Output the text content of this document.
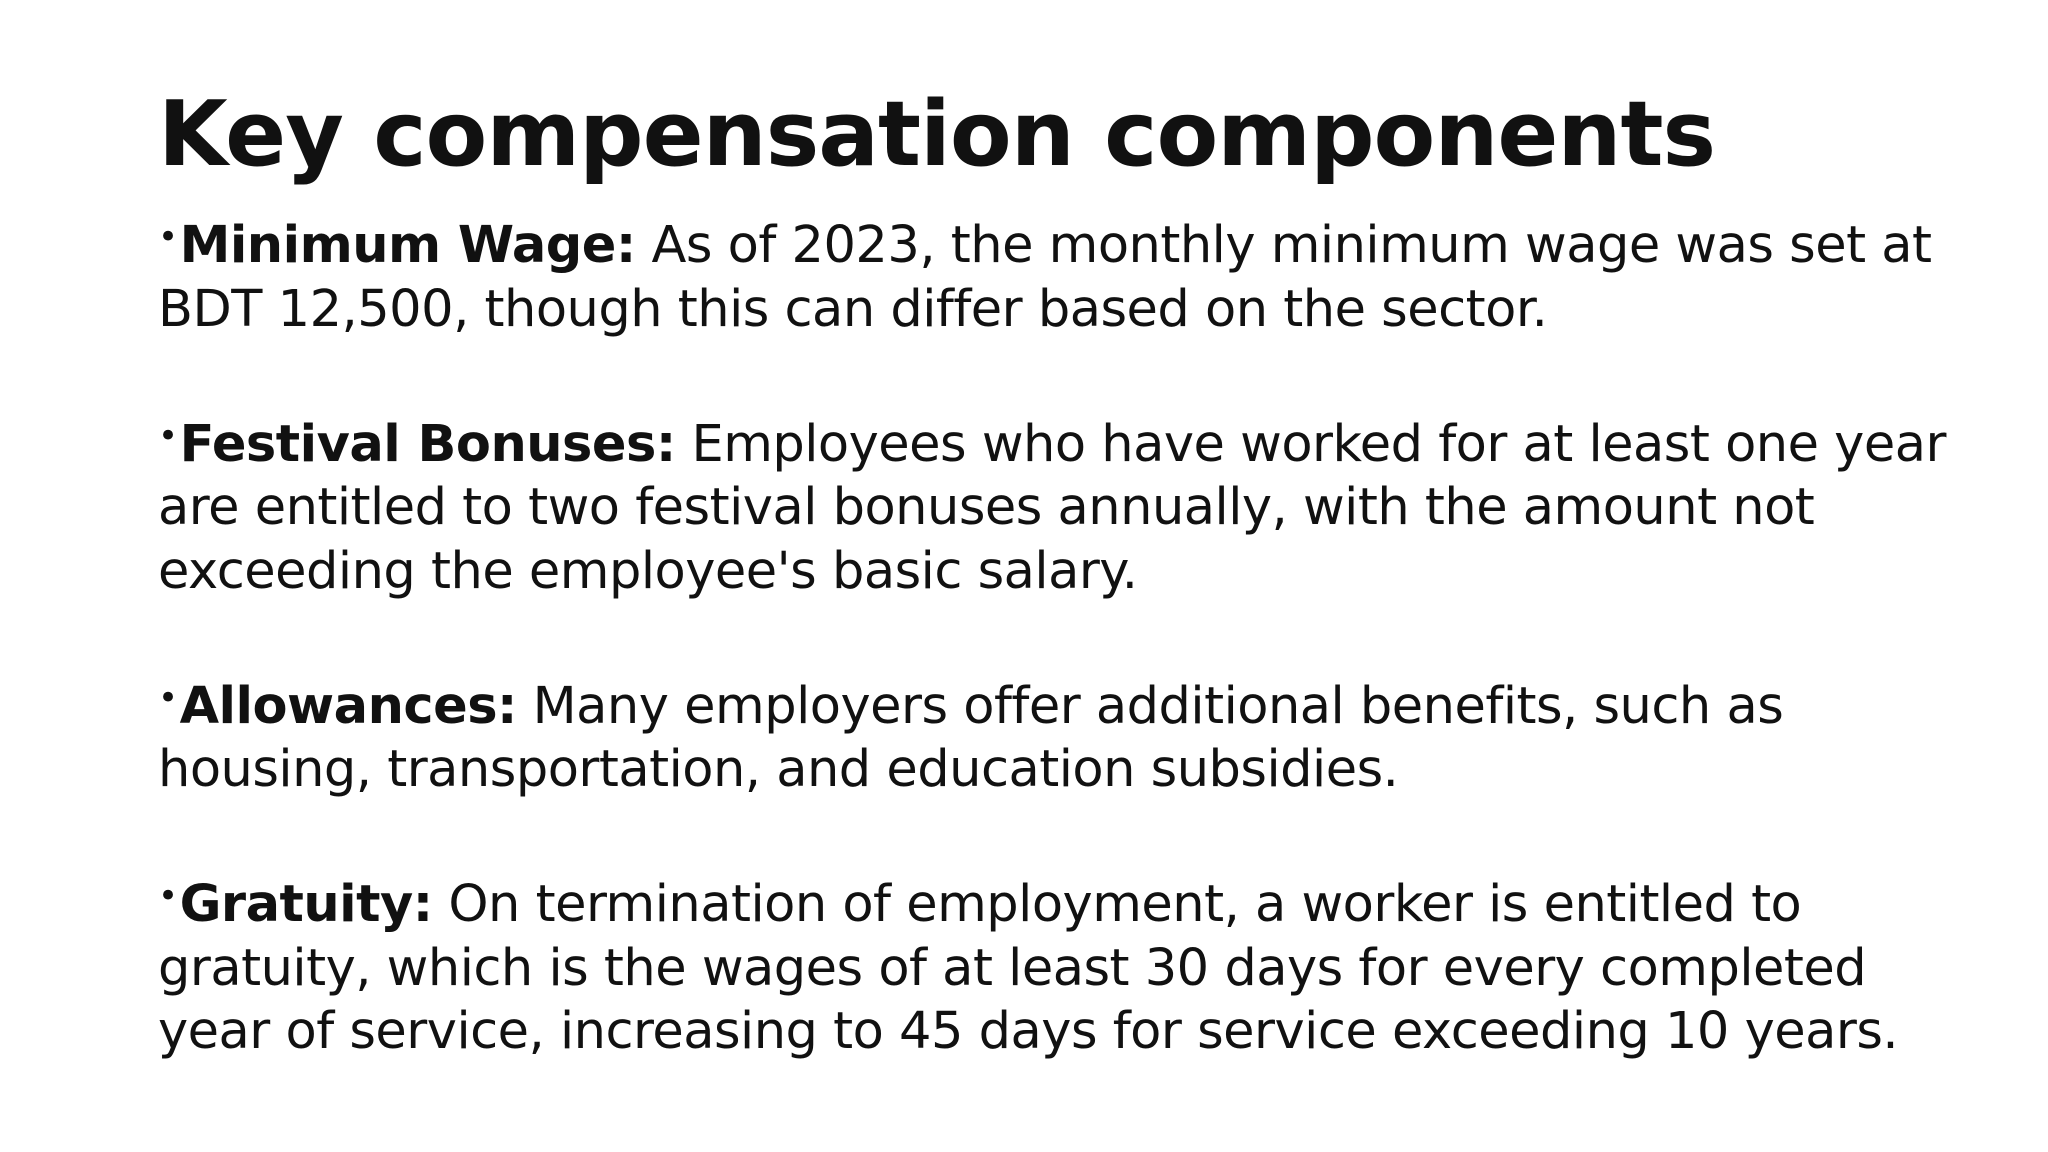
Key compensation components

•Minimum Wage: As of 2023, the monthly minimum wage was set at BDT 12,500, though this can differ based on the sector.

•Festival Bonuses: Employees who have worked for at least one year are entitled to two festival bonuses annually, with the amount not exceeding the employee's basic salary.

•Allowances: Many employers offer additional benefits, such as housing, transportation, and education subsidies.

•Gratuity: On termination of employment, a worker is entitled to gratuity, which is the wages of at least 30 days for every completed year of service, increasing to 45 days for service exceeding 10 years.
